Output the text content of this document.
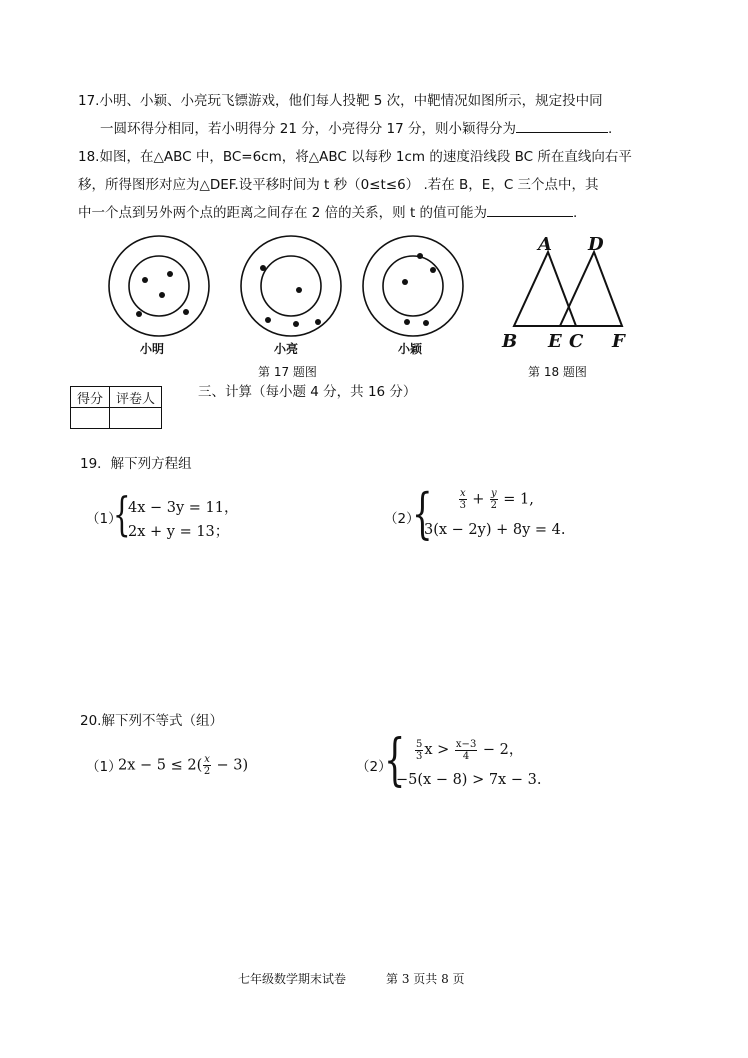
17.小明、小颖、小亮玩飞镖游戏，他们每人投靶 5 次，中靶情况如图所示，规定投中同
一圆环得分相同，若小明得分 21 分，小亮得分 17 分，则小颖得分为	.
18.如图，在△ABC 中，BC=6cm，将△ABC 以每秒 1cm 的速度沿线段 BC 所在直线向右平
移，所得图形对应为△DEF.设平移时间为 t 秒（0≤t≤6） .若在 B，E，C 三个点中，其
中一个点到另外两个点的距离之间存在 2 倍的关系，则 t 的值可能为	.
A D
B E C F
小明	小亮	小颖
第 17 题图	第 18 题图
得分	评卷人
		三、计算（每小题 4 分，共 16 分）
19．解下列方程组
（1）
{
4x − 3y = 11，
2x + y = 13；
（2）
{	$\frac{x}{3} + \frac{y}{2} = 1$,
3(x − 2y) + 8y = 4.
20.解下列不等式（组）
（1）
$2x - 5 \le 2( \frac{x}{2} - 3)$	（2）
{ $\frac{5}{3}$ $x > \frac{x-3}{4} - 2$，
−5(x − 8) > 7x − 3.
七年级数学期末试卷	第 3 页共 8 页
